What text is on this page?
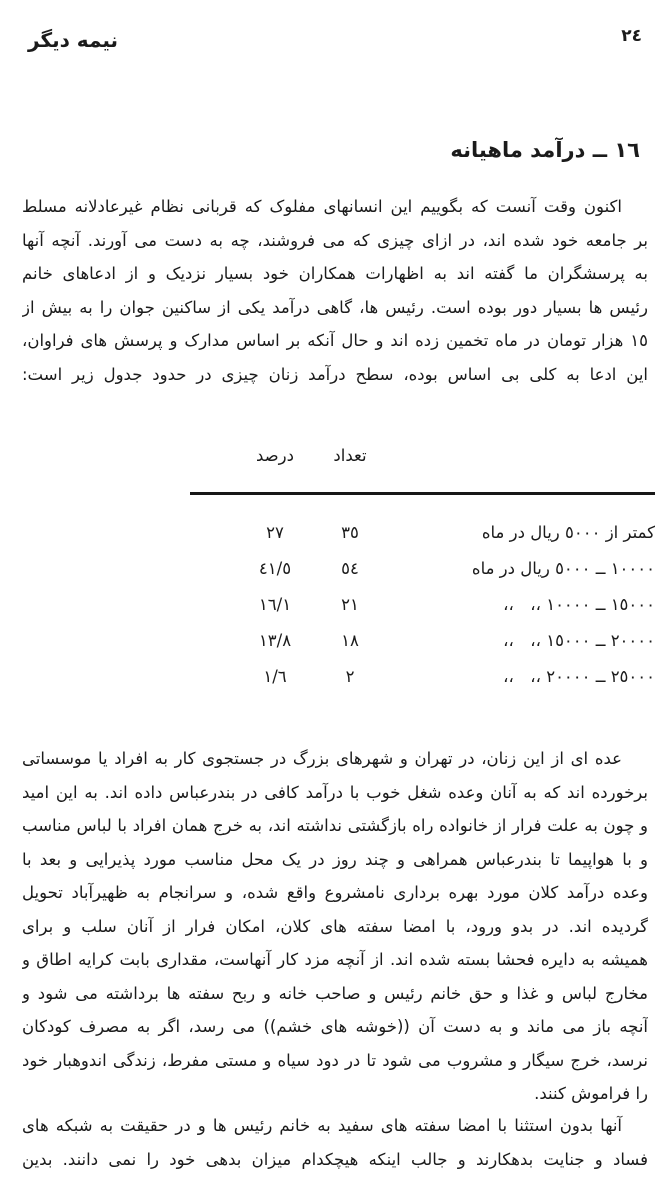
نیمه دیگر	٢٤
١٦ ــ درآمد ماهیانه
اکنون وقت آنست که بگوییم این انسانهای مفلوک که قربانی نظام غیرعادلانه مسلط
بر جامعه خود شده اند، در ازای چیزی که می فروشند، چه به دست می آورند. آنچه آنها
به پرسشگران ما گفته اند به اظهارات همکاران خود بسیار نزدیک و از ادعاهای خانم
رئیس ها بسیار دور بوده است. رئیس ها، گاهی درآمد یکی از ساکنین جوان را به بیش از
١٥ هزار تومان در ماه تخمین زده اند و حال آنکه بر اساس مدارک و پرسش های فراوان،
این ادعا به کلی بی اساس بوده، سطح درآمد زنان چیزی در حدود جدول زیر است:
تعداد
درصد
کمتر از ٥٠٠٠ ریال در ماه
٣٥
٢٧
١٠٠٠٠ ــ ٥٠٠٠ ریال در ماه
٥٤
٤١/٥
١٥٠٠٠ ــ ١٠٠٠٠ ،، ،،
٢١
١٦/١
٢٠٠٠٠ ــ ١٥٠٠٠ ،، ،،
١٨
١٣/٨
٢٥٠٠٠ ــ ٢٠٠٠٠ ،، ،،
٢
١/٦
عده ای از این زنان، در تهران و شهرهای بزرگ در جستجوی کار به افراد یا موسساتی
برخورده اند که به آنان وعده شغل خوب با درآمد کافی در بندرعباس داده اند. به این امید
و چون به علت فرار از خانواده راه بازگشتی نداشته اند، به خرج همان افراد با لباس مناسب
و با هواپیما تا بندرعباس همراهی و چند روز در یک محل مناسب مورد پذیرایی و بعد با
وعده درآمد کلان مورد بهره برداری نامشروع واقع شده، و سرانجام به ظهیرآباد تحویل
گردیده اند. در بدو ورود، با امضا سفته های کلان، امکان فرار از آنان سلب و برای
همیشه به دایره فحشا بسته شده اند. از آنچه مزد کار آنهاست، مقداری بابت کرایه اطاق و
مخارج لباس و غذا و حق خانم رئیس و صاحب خانه و ربح سفته ها برداشته می شود و
آنچه باز می ماند و به دست آن ((خوشه های خشم)) می رسد، اگر به مصرف کودکان
نرسد، خرج سیگار و مشروب می شود تا در دود سیاه و مستی مفرط، زندگی اندوهبار خود
را فراموش کنند.
آنها بدون استثنا با امضا سفته های سفید به خانم رئیس ها و در حقیقت به شبکه های
فساد و جنایت بدهکارند و جالب اینکه هیچکدام میزان بدهی خود را نمی دانند. بدین
